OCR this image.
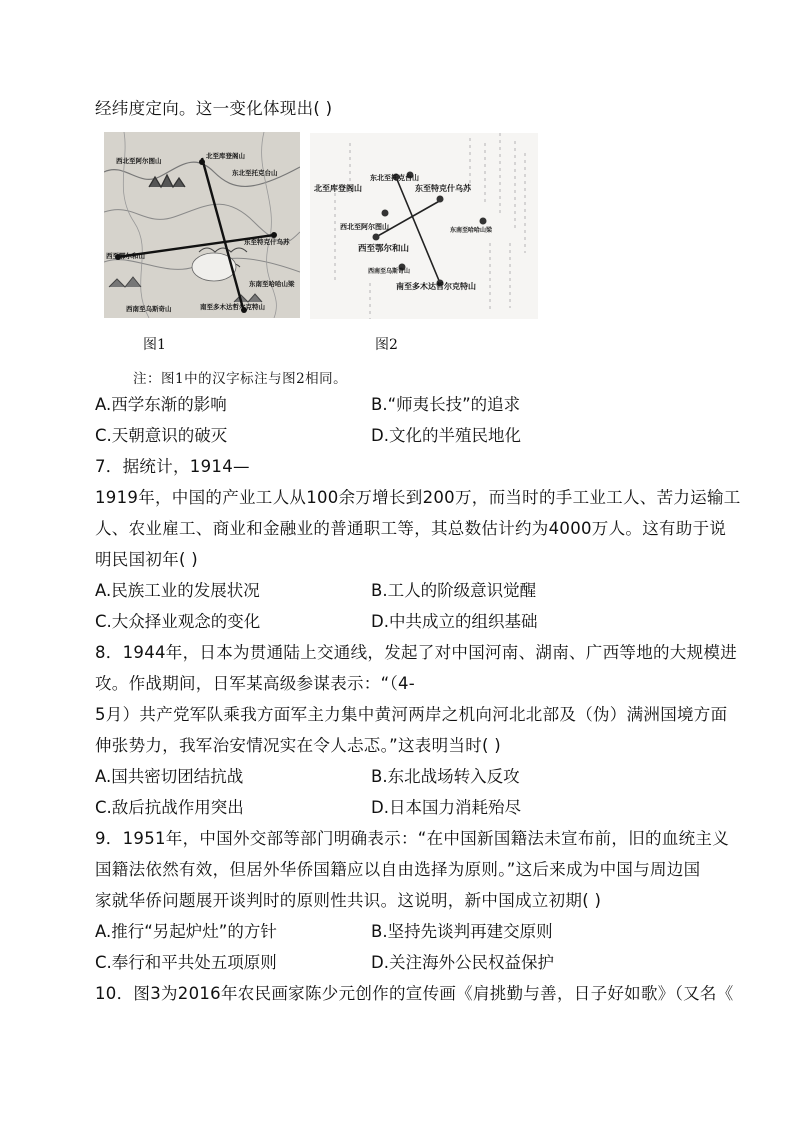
经纬度定向。这一变化体现出( )
北至库登阁山
东北至托克台山
西北至阿尔图山
东至特克什乌苏
西至鄂尔和山
东南至哈哈山梁
西南至乌斯奇山	南至多木达哲尔克特山
北至库登阁山
东北至托克台山
东至特克什乌苏
西北至阿尔图山	东南至哈哈山梁
西至鄂尔和山
西南至乌斯奇山
南至多木达哲尔克特山
图1	图2
注：图1中的汉字标注与图2相同。
A.西学东渐的影响	B.“师夷长技”的追求
C.天朝意识的破灭	D.文化的半殖民地化
7．据统计，1914—
1919年，中国的产业工人从100余万增长到200万，而当时的手工业工人、苦力运输工
人、农业雇工、商业和金融业的普通职工等，其总数估计约为4000万人。这有助于说
明民国初年( )
A.民族工业的发展状况	B.工人的阶级意识觉醒
C.大众择业观念的变化	D.中共成立的组织基础
8．1944年，日本为贯通陆上交通线，发起了对中国河南、湖南、广西等地的大规模进
攻。作战期间，日军某高级参谋表示：“（4-
5月）共产党军队乘我方面军主力集中黄河两岸之机向河北北部及（伪）满洲国境方面
伸张势力，我军治安情况实在令人忐忑。”这表明当时( )
A.国共密切团结抗战	B.东北战场转入反攻
C.敌后抗战作用突出	D.日本国力消耗殆尽
9．1951年，中国外交部等部门明确表示：“在中国新国籍法未宣布前，旧的血统主义
国籍法依然有效，但居外华侨国籍应以自由选择为原则。”这后来成为中国与周边国
家就华侨问题展开谈判时的原则性共识。这说明，新中国成立初期( )
A.推行“另起炉灶”的方针	B.坚持先谈判再建交原则
C.奉行和平共处五项原则	D.关注海外公民权益保护
10．图3为2016年农民画家陈少元创作的宣传画《肩挑勤与善，日子好如歌》（又名《
